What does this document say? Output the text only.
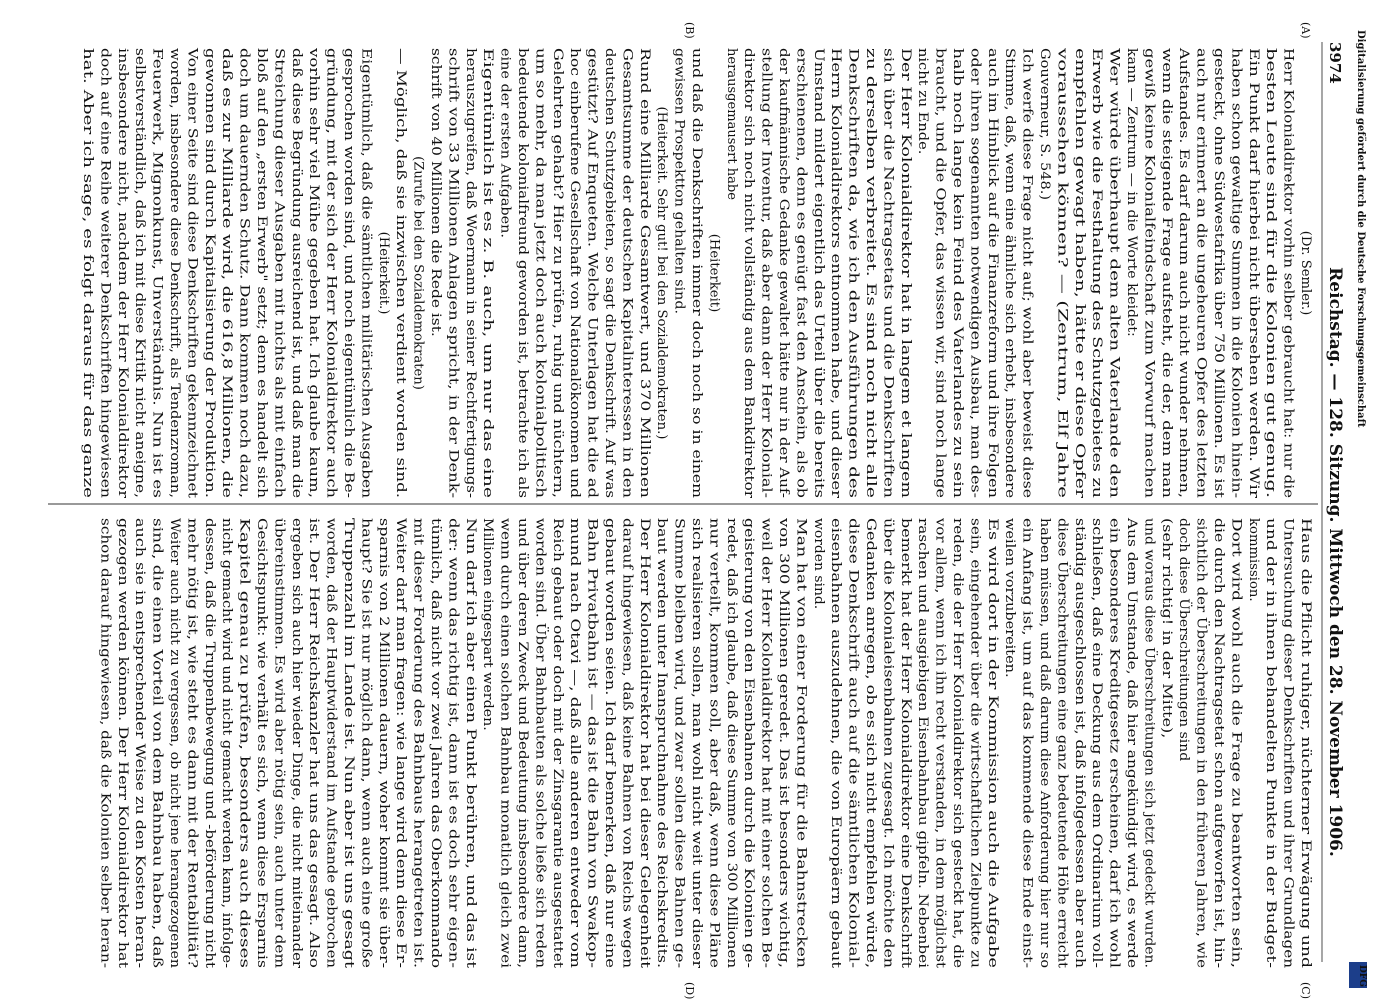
3974
Reichstag. — 128. Sitzung. Mittwoch den 28. November 1906.
(A)
(B)
(C)
(D)
(Dr. Semler.)
Herr Kolonialdirektor vorhin selber gebraucht hat: nur die
besten Leute sind für die Kolonien gut genug.
Ein Punkt darf hierbei nicht übersehen werden. Wir
haben schon gewaltige Summen in die Kolonien hinein-
gesteckt, ohne Südwestafrika über 750 Millionen. Es ist
auch nur erinnert an die ungeheuren Opfer des letzten
Aufstandes. Es darf darum auch nicht wunder nehmen,
wenn die steigende Frage aufsteht, die der, dem man
gewiß keine Kolonialfeindschaft zum Vorwurf machen
kann — Zentrum — in die Worte kleidet:
Wer würde überhaupt dem alten Vaterlande den
Erwerb wie die Festhaltung des Schutzgebietes zu
empfehlen gewagt haben, hätte er diese Opfer
voraussehen können? — (Zentrum, Elf Jahre
Gouverneur, S. 548.)
Ich werfe diese Frage nicht auf; wohl aber beweist diese
Stimme, daß, wenn eine ähnliche sich erhebt, insbesondere
auch im Hinblick auf die Finanzreform und ihre Folgen
oder ihren sogenannten notwendigen Ausbau, man des-
halb noch lange kein Feind des Vaterlandes zu sein
braucht, und die Opfer, das wissen wir, sind noch lange
nicht zu Ende.
Der Herr Kolonialdirektor hat in langem et langem
sich über die Nachtragsetats und die Denkschriften
zu derselben verbreitet. Es sind noch nicht alle
Denkschriften da, wie ich den Ausführungen des
Herrn Kolonialdirektors entnommen habe, und dieser
Umstand mildert eigentlich das Urteil über die bereits
erschienenen, denn es genügt fast den Anschein, als ob
der kaufmännische Gedanke gewaltet hätte nur in der Auf-
stellung der Inventur, daß aber dann der Herr Kolonial-
direktor sich noch nicht vollständig aus dem Bankdirektor
herausgemausert habe
(Heiterkeit)
und daß die Denkschriften immer doch noch so in einem
gewissen Prospektton gehalten sind.
(Heiterkeit. Sehr gut! bei den Sozialdemokraten.)
Rund eine Milliarde Gesamtwert, und 370 Millionen
Gesamtsumme der deutschen Kapitalinteressen in den
deutschen Schutzgebieten, so sagt die Denkschrift. Auf was
gestützt? Auf Enqueten. Welche Unterlagen hat die ad
hoc einberufene Gesellschaft von Nationalökonomen und
Gelehrten gehabt? Hier zu prüfen, ruhig und nüchtern,
um so mehr, da man jetzt doch auch kolonialpolitisch
bedeutende kolonialfreund geworden ist, betrachte ich als
eine der ersten Aufgaben.
Eigentümlich ist es z. B. auch, um nur das eine
herauszugreifen, daß Woermann in seiner Rechtfertigungs-
schrift von 33 Millionen Anlagen spricht, in der Denk-
schrift von 40 Millionen die Rede ist.
(Zurufe bei den Sozialdemokraten)
— Möglich, daß sie inzwischen verdient worden sind.
(Heiterkeit.)
Eigentümlich, daß die sämtlichen militärischen Ausgaben
gesprochen worden sind, und noch eigentümlich die Be-
gründung, mit der sich der Herr Kolonialdirektor auch
vorhin sehr viel Mühe gegeben hat. Ich glaube kaum,
daß diese Begründung ausreichend ist, und daß man die
Streichung dieser Ausgaben mit nichts als mit einfach
bloß auf den „ersten Erwerb" setzt; denn es handelt sich
doch um dauernden Schutz. Dann kommen noch dazu,
daß es zur Milliarde wird, die 616,8 Millionen, die
gewonnen sind durch Kapitalisierung der Produktion.
Von einer Seite sind diese Denkschriften gekennzeichnet
worden, insbesondere diese Denkschrift, als Tendenzroman,
Feuerwerk, Mignonkunst, Unverständnis. Nun ist es
selbstverständlich, daß ich mit diese Kritik nicht aneigne,
insbesondere nicht, nachdem der Herr Kolonialdirektor
doch auf eine Reihe weiterer Denkschriften hingewiesen
hat. Aber ich sage, es folgt daraus für das ganze
Haus die Pflicht ruhiger, nüchterner Erwägung und
Untersuchung dieser Denkschriften und ihrer Grundlagen
und der in ihnen behandelten Punkte in der Budget-
kommission.
Dort wird wohl auch die Frage zu beantworten sein,
die durch den Nachtragsetat schon aufgeworfen ist, hin-
sichtlich der Überschreitungen in den früheren Jahren, wie
doch diese Überschreitungen sind
(sehr richtig! in der Mitte),
und woraus diese Überschreitungen sich jetzt gedeckt wurden.
Aus dem Umstande, daß hier angekündigt wird, es werde
ein besonderes Kreditgesetz erscheinen, darf ich wohl
schließen, daß eine Deckung aus dem Ordinarium voll-
ständig ausgeschlossen ist, daß infolgedessen aber auch
diese Überschreitungen eine ganz bedeutende Höhe erreicht
haben müssen, und daß darum diese Anforderung hier nur so
ein Anfang ist, um auf das kommende diese Ende einst-
weilen vorzubereiten.
Es wird dort in der Kommission auch die Aufgabe
sein, eingehender über die wirtschaftlichen Zielpunkte zu
reden, die der Herr Kolonialdirektor sich gesteckt hat, die
vor allem, wenn ich ihn recht verstanden, in dem möglichst
raschen und ausgiebigen Eisenbahnbau gipfeln. Nebenbei
bemerkt hat der Herr Kolonialdirektor eine Denkschrift
über die Kolonialeisenbahnen zugesagt. Ich möchte den
Gedanken anregen, ob es sich nicht empfehlen würde,
diese Denkschrift auch auf die sämtlichen Kolonial-
eisenbahnen auszudehnen, die von Europäern gebaut
worden sind.
Man hat von einer Forderung für die Bahnstrecken
von 300 Millionen geredet. Das ist besonders wichtig,
weil der Herr Kolonialdirektor hat mit einer solchen Be-
geisterung von den Eisenbahnen durch die Kolonien ge-
redet, daß ich glaube, daß diese Summe von 300 Millionen
nur verteilt, kommen soll, aber daß, wenn diese Pläne
sich realisieren sollen, man wohl nicht weit unter dieser
Summe bleiben wird, und zwar sollen diese Bahnen ge-
baut werden unter Inanspruchnahme des Reichskredits.
Der Herr Kolonialdirektor hat bei dieser Gelegenheit
darauf hingewiesen, daß keine Bahnen von Reichs wegen
gebaut worden seien. Ich darf bemerken, daß nur eine
Bahn Privatbahn ist — das ist die Bahn von Swakop-
mund nach Otavi —, daß alle anderen entweder vom
Reich gebaut oder doch mit der Zinsgarantie ausgestattet
worden sind. Über Bahnbauten als solche ließe sich reden
und über deren Zweck und Bedeutung insbesondere dann,
wenn durch einen solchen Bahnbau monatlich gleich zwei
Millionen eingespart werden.
Nun darf ich aber einen Punkt berühren, und das ist
der: wenn das richtig ist, dann ist es doch sehr eigen-
tümlich, daß nicht vor zwei Jahren das Oberkommando
mit dieser Forderung des Bahnbaus herangetreten ist.
Weiter darf man fragen: wie lange wird denn diese Er-
sparnis von 2 Millionen dauern, woher kommt sie über-
haupt? Sie ist nur möglich dann, wenn auch eine große
Truppenzahl im Lande ist. Nun aber ist uns gesagt
worden, daß der Hauptwiderstand im Aufstande gebrochen
ist. Der Herr Reichskanzler hat uns das gesagt. Also
ergeben sich auch hier wieder Dinge, die nicht miteinander
übereinstimmen. Es wird aber nötig sein, auch unter dem
Gesichtspunkt: wie verhält es sich, wenn diese Ersparnis
Kapitel genau zu prüfen, besonders auch dieses
nicht gemacht wird und nicht gemacht werden kann, infolge-
dessen, daß die Truppenbewegung und -beförderung nicht
mehr nötig ist, wie steht es dann mit der Rentabilität?
Weiter auch nicht zu vergessen, ob nicht jene herangezogenen
sind, die einen Vorteil von dem Bahnbau haben, daß
auch sie in entsprechender Weise zu den Kosten heran-
gezogen werden können. Der Herr Kolonialdirektor hat
schon darauf hingewiesen, daß die Kolonien selber heran-
Digitalisierung gefördert durch die Deutsche Forschungsgemeinschaft
DFG
